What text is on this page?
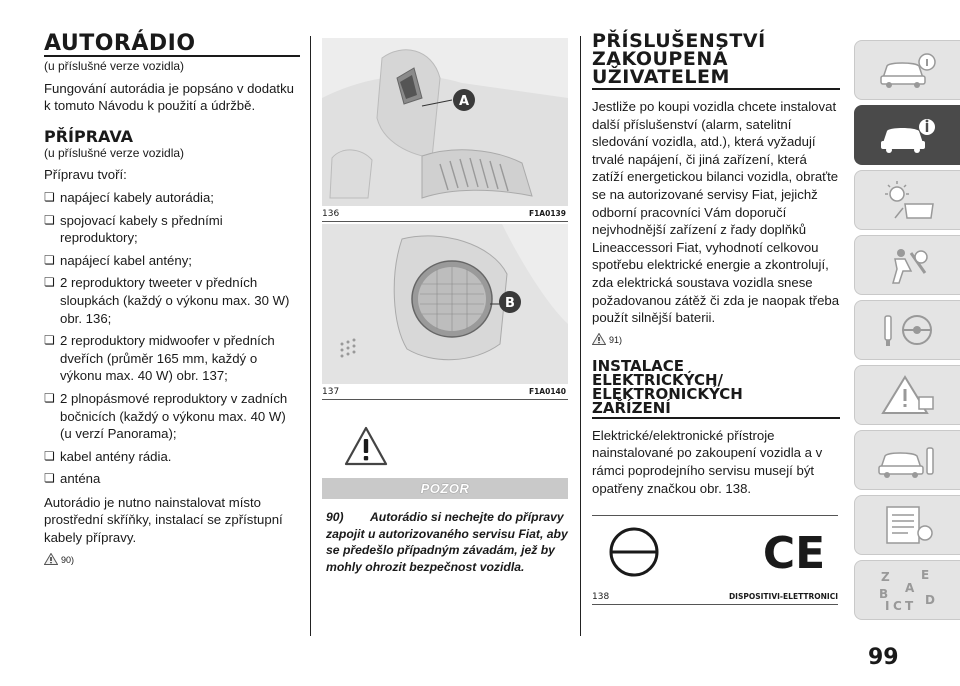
AUTORÁDIO

(u příslušné verze vozidla)

Fungování autorádia je popsáno v dodatku k tomuto Návodu k použití a údržbě.

PŘÍPRAVA

(u příslušné verze vozidla)

Přípravu tvoří:

❏ napájecí kabely autorádia;
❏ spojovací kabely s předními reproduktory;
❏ napájecí kabel antény;
❏ 2 reproduktory tweeter v předních sloupkách (každý o výkonu max. 30 W) obr. 136;
❏ 2 reproduktory midwoofer v předních dveřích (průměr 165 mm, každý o výkonu max. 40 W) obr. 137;
❏ 2 plnopásmové reproduktory v zadních bočnicích (každý o výkonu max. 40 W) (u verzí Panorama);
❏ kabel antény rádia.
❏ anténa

Autorádio je nutno nainstalovat místo prostřední skříňky, instalací se zpřístupní kabely přípravy.

90)
A
136	F1A0139
B
137	F1A0140
POZOR
90) Autorádio si nechejte do přípravy zapojit u autorizovaného servisu Fiat, aby se předešlo případným závadám, jež by mohly ohrozit bezpečnost vozidla.
PŘÍSLUŠENSTVÍ
ZAKOUPENÁ
UŽIVATELEM

Jestliže po koupi vozidla chcete instalovat další příslušenství (alarm, satelitní sledování vozidla, atd.), která vyžadují trvalé napájení, či jiná zařízení, která zatíží energetickou bilanci vozidla, obraťte se na autorizované servisy Fiat, jejichž odborní pracovníci Vám doporučí nejvhodnější zařízení z řady doplňků Lineaccessori Fiat, vyhodnotí celkovou spotřebu elektrické energie a zkontrolují, zda elektrická soustava vozidla snese požadovanou zátěž či zda je naopak třeba použít silnější baterii.

91)
INSTALACE
ELEKTRICKÝCH/
ELEKTRONICKÝCH
ZAŘÍZENÍ

Elektrické/elektronické přístroje nainstalované po zakoupení vozidla a v rámci poprodejního servisu musejí být opatřeny značkou obr. 138.

CE
138	DISPOSITIVI-ELETTRONICI
Z	E
A
B
I C T D
99
